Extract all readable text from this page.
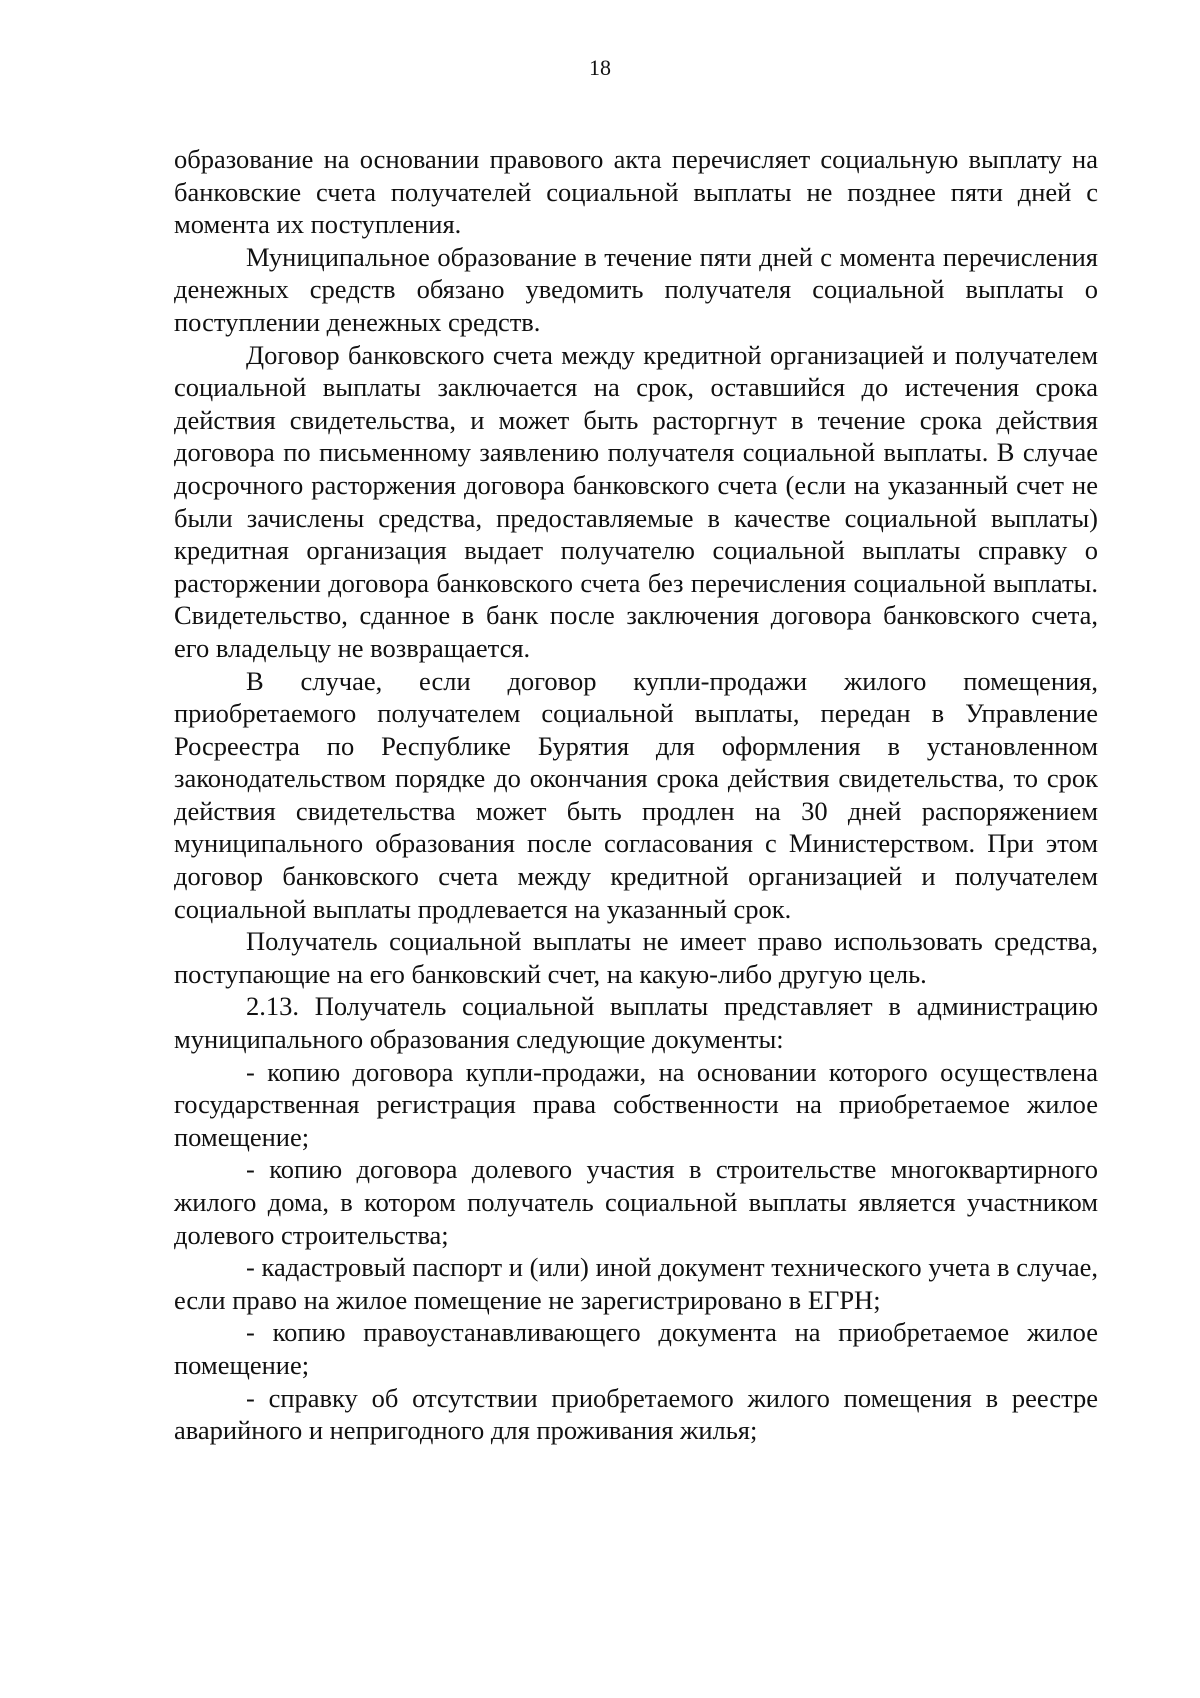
18

образование на основании правового акта перечисляет социальную выплату на банковские счета получателей социальной выплаты не позднее пяти дней с момента их поступления.

Муниципальное образование в течение пяти дней с момента перечисления денежных средств обязано уведомить получателя социальной выплаты о поступлении денежных средств.

Договор банковского счета между кредитной организацией и получателем социальной выплаты заключается на срок, оставшийся до истечения срока действия свидетельства, и может быть расторгнут в течение срока действия договора по письменному заявлению получателя социальной выплаты. В случае досрочного расторжения договора банковского счета (если на указанный счет не были зачислены средства, предоставляемые в качестве социальной выплаты) кредитная организация выдает получателю социальной выплаты справку о расторжении договора банковского счета без перечисления социальной выплаты. Свидетельство, сданное в банк после заключения договора банковского счета, его владельцу не возвращается.

В случае, если договор купли-продажи жилого помещения, приобретаемого получателем социальной выплаты, передан в Управление Росреестра по Республике Бурятия для оформления в установленном законодательством порядке до окончания срока действия свидетельства, то срок действия свидетельства может быть продлен на 30 дней распоряжением муниципального образования после согласования с Министерством. При этом договор банковского счета между кредитной организацией и получателем социальной выплаты продлевается на указанный срок.

Получатель социальной выплаты не имеет право использовать средства, поступающие на его банковский счет, на какую-либо другую цель.

2.13. Получатель социальной выплаты представляет в администрацию муниципального образования следующие документы:

- копию договора купли-продажи, на основании которого осуществлена государственная регистрация права собственности на приобретаемое жилое помещение;

- копию договора долевого участия в строительстве многоквартирного жилого дома, в котором получатель социальной выплаты является участником долевого строительства;

- кадастровый паспорт и (или) иной документ технического учета в случае, если право на жилое помещение не зарегистрировано в ЕГРН;

- копию правоустанавливающего документа на приобретаемое жилое помещение;

- справку об отсутствии приобретаемого жилого помещения в реестре аварийного и непригодного для проживания жилья;
